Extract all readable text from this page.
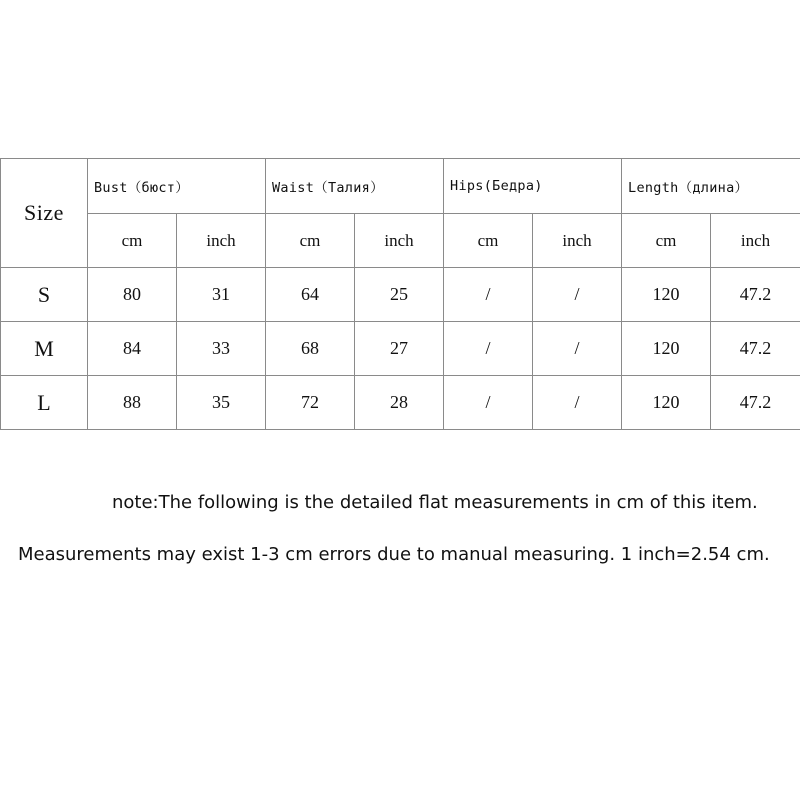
Size	Bust（бюст）		Waist（Талия）		Hips(Бедра)		Length（длина）	
	cm	inch	cm	inch	cm	inch	cm	inch
S	80	31	64	25	/	/	120	47.2
M	84	33	68	27	/	/	120	47.2
L	88	35	72	28	/	/	120	47.2
note:The following is the detailed flat measurements in cm of this item.
Measurements may exist 1-3 cm errors due to manual measuring. 1 inch=2.54 cm.
